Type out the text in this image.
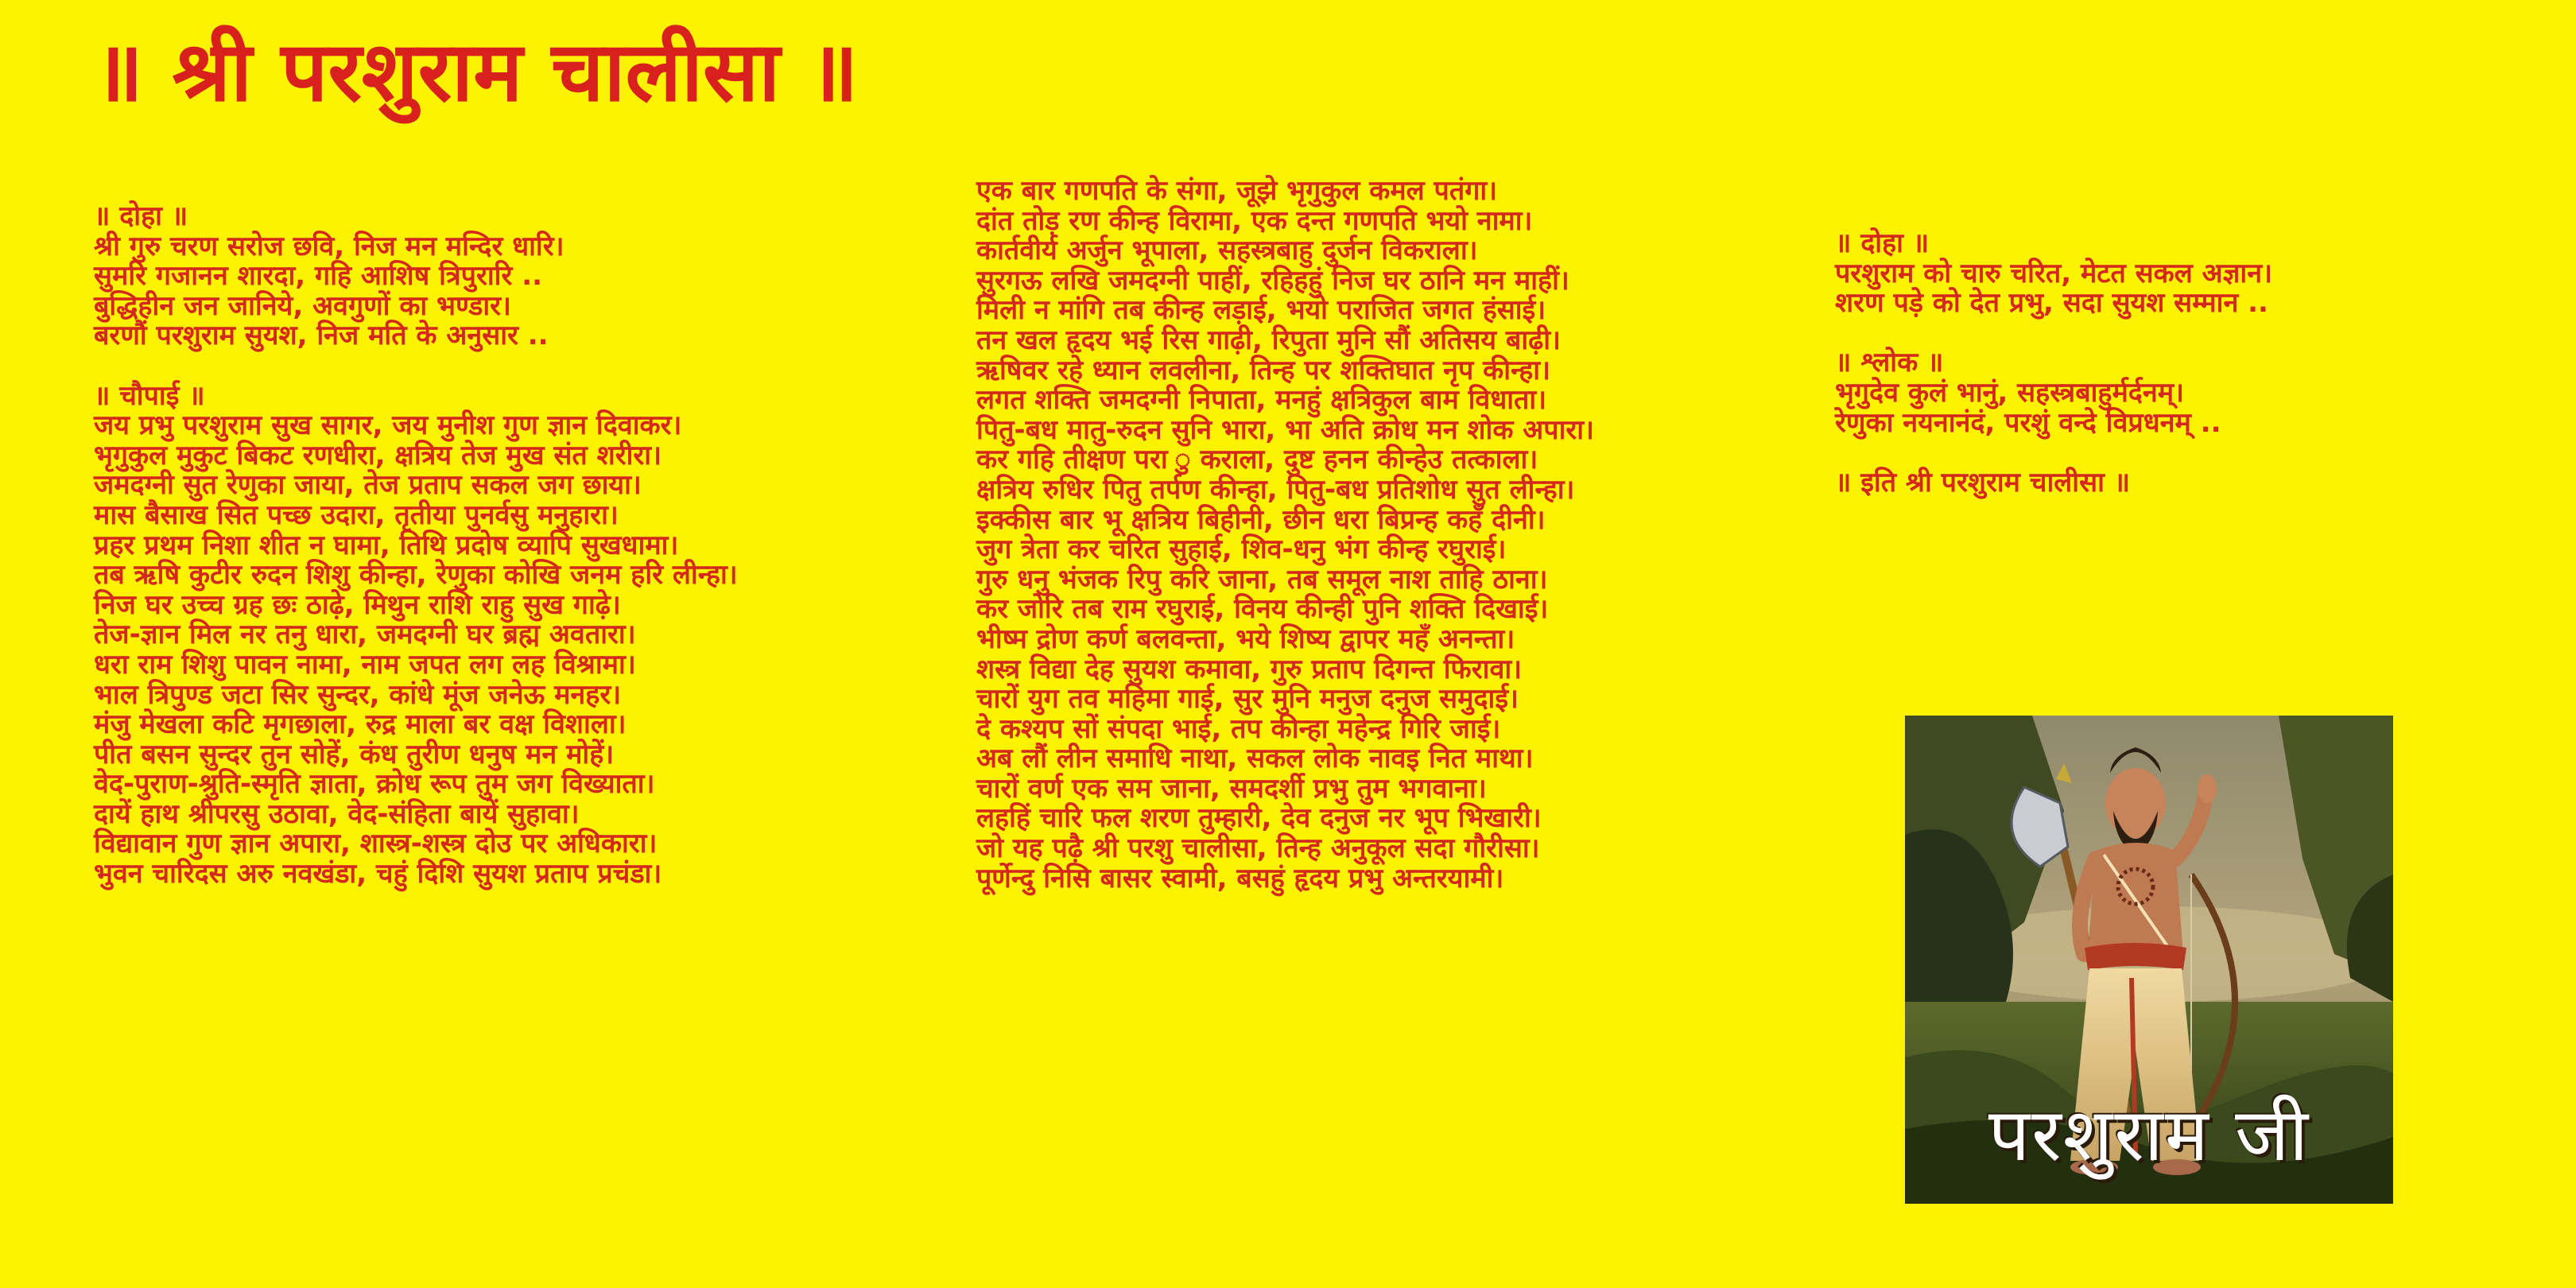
॥ श्री परशुराम चालीसा ॥
॥ दोहा ॥
श्री गुरु चरण सरोज छवि, निज मन मन्दिर धारि।
सुमरि गजानन शारदा, गहि आशिष त्रिपुरारि ..
बुद्धिहीन जन जानिये, अवगुणों का भण्डार।
बरणौं परशुराम सुयश, निज मति के अनुसार ..
॥ चौपाई ॥
जय प्रभु परशुराम सुख सागर, जय मुनीश गुण ज्ञान दिवाकर।
भृगुकुल मुकुट बिकट रणधीरा, क्षत्रिय तेज मुख संत शरीरा।
जमदग्नी सुत रेणुका जाया, तेज प्रताप सकल जग छाया।
मास बैसाख सित पच्छ उदारा, तृतीया पुनर्वसु मनुहारा।
प्रहर प्रथम निशा शीत न घामा, तिथि प्रदोष व्यापि सुखधामा।
तब ऋषि कुटीर रुदन शिशु कीन्हा, रेणुका कोखि जनम हरि लीन्हा।
निज घर उच्च ग्रह छः ठाढ़े, मिथुन राशि राहु सुख गाढ़े।
तेज-ज्ञान मिल नर तनु धारा, जमदग्नी घर ब्रह्म अवतारा।
धरा राम शिशु पावन नामा, नाम जपत लग लह विश्रामा।
भाल त्रिपुण्ड जटा सिर सुन्दर, कांधे मूंज जनेऊ मनहर।
मंजु मेखला कटि मृगछाला, रुद्र माला बर वक्ष विशाला।
पीत बसन सुन्दर तुन सोहें, कंध तुरीण धनुष मन मोहें।
वेद-पुराण-श्रुति-स्मृति ज्ञाता, क्रोध रूप तुम जग विख्याता।
दायें हाथ श्रीपरसु उठावा, वेद-संहिता बायें सुहावा।
विद्यावान गुण ज्ञान अपारा, शास्त्र-शस्त्र दोउ पर अधिकारा।
भुवन चारिदस अरु नवखंडा, चहुं दिशि सुयश प्रताप प्रचंडा।
एक बार गणपति के संगा, जूझे भृगुकुल कमल पतंगा।
दांत तोड़ रण कीन्ह विरामा, एक दन्त गणपति भयो नामा।
कार्तवीर्य अर्जुन भूपाला, सहस्त्रबाहु दुर्जन विकराला।
सुरगऊ लखि जमदग्नी पाहीं, रहिहहुं निज घर ठानि मन माहीं।
मिली न मांगि तब कीन्ह लड़ाई, भयो पराजित जगत हंसाई।
तन खल हृदय भई रिस गाढ़ी, रिपुता मुनि सौं अतिसय बाढ़ी।
ऋषिवर रहे ध्यान लवलीना, तिन्ह पर शक्तिघात नृप कीन्हा।
लगत शक्ति जमदग्नी निपाता, मनहुं क्षत्रिकुल बाम विधाता।
पितु-बध मातु-रुदन सुनि भारा, भा अति क्रोध मन शोक अपारा।
कर गहि तीक्षण परा ु कराला, दुष्ट हनन कीन्हेउ तत्काला।
क्षत्रिय रुधिर पितु तर्पण कीन्हा, पितु-बध प्रतिशोध सुत लीन्हा।
इक्कीस बार भू क्षत्रिय बिहीनी, छीन धरा बिप्रन्ह कहँ दीनी।
जुग त्रेता कर चरित सुहाई, शिव-धनु भंग कीन्ह रघुराई।
गुरु धनु भंजक रिपु करि जाना, तब समूल नाश ताहि ठाना।
कर जोरि तब राम रघुराई, विनय कीन्ही पुनि शक्ति दिखाई।
भीष्म द्रोण कर्ण बलवन्ता, भये शिष्य द्वापर महँ अनन्ता।
शस्त्र विद्या देह सुयश कमावा, गुरु प्रताप दिगन्त फिरावा।
चारों युग तव महिमा गाई, सुर मुनि मनुज दनुज समुदाई।
दे कश्यप सों संपदा भाई, तप कीन्हा महेन्द्र गिरि जाई।
अब लौं लीन समाधि नाथा, सकल लोक नावइ नित माथा।
चारों वर्ण एक सम जाना, समदर्शी प्रभु तुम भगवाना।
लहहिं चारि फल शरण तुम्हारी, देव दनुज नर भूप भिखारी।
जो यह पढ़ै श्री परशु चालीसा, तिन्ह अनुकूल सदा गौरीसा।
पूर्णेन्दु निसि बासर स्वामी, बसहुं हृदय प्रभु अन्तरयामी।
॥ दोहा ॥
परशुराम को चारु चरित, मेटत सकल अज्ञान।
शरण पड़े को देत प्रभु, सदा सुयश सम्मान ..
॥ श्लोक ॥
भृगुदेव कुलं भानुं, सहस्त्रबाहुर्मर्दनम्।
रेणुका नयनानंदं, परशुं वन्दे विप्रधनम् ..
॥ इति श्री परशुराम चालीसा ॥
परशुराम जी
